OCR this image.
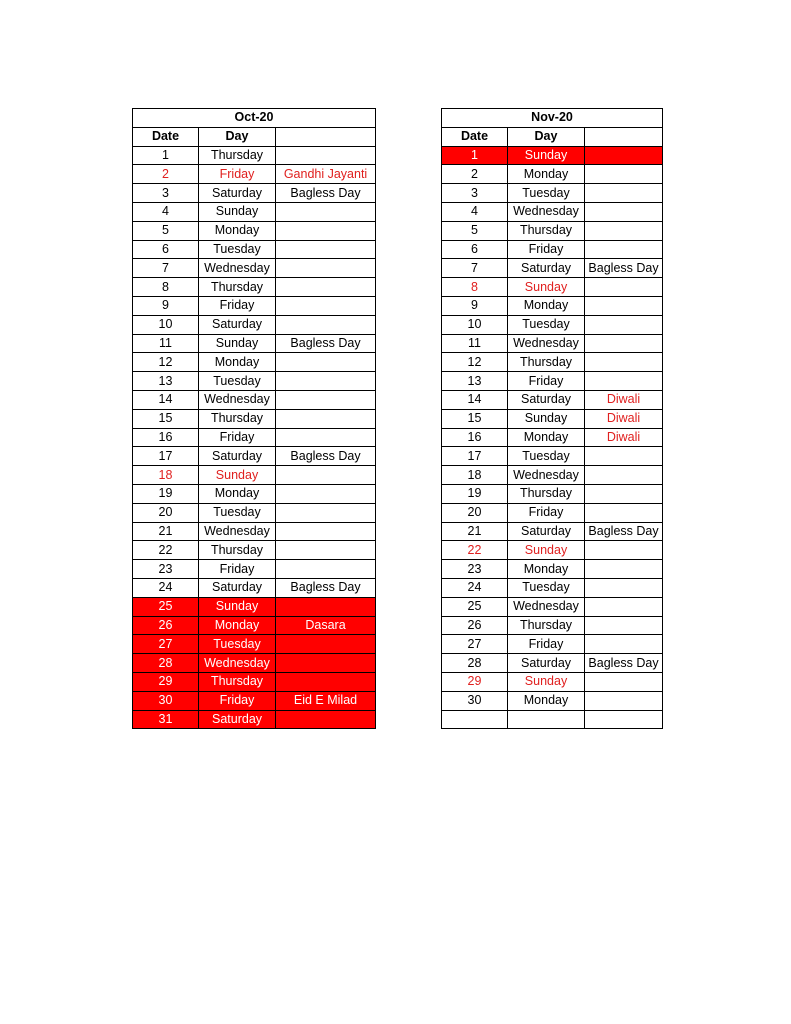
Oct-20		
Date	Day	
1	Thursday	
2	Friday	Gandhi Jayanti
3	Saturday	Bagless Day
4	Sunday	
5	Monday	
6	Tuesday	
7	Wednesday	
8	Thursday	
9	Friday	
10	Saturday	
11	Sunday	Bagless Day
12	Monday	
13	Tuesday	
14	Wednesday	
15	Thursday	
16	Friday	
17	Saturday	Bagless Day
18	Sunday	
19	Monday	
20	Tuesday	
21	Wednesday	
22	Thursday	
23	Friday	
24	Saturday	Bagless Day
25	Sunday	
26	Monday	Dasara
27	Tuesday	
28	Wednesday	
29	Thursday	
30	Friday	Eid E Milad
31	Saturday	
Nov-20		
Date	Day	
1	Sunday	
2	Monday	
3	Tuesday	
4	Wednesday	
5	Thursday	
6	Friday	
7	Saturday	Bagless Day
8	Sunday	
9	Monday	
10	Tuesday	
11	Wednesday	
12	Thursday	
13	Friday	
14	Saturday	Diwali
15	Sunday	Diwali
16	Monday	Diwali
17	Tuesday	
18	Wednesday	
19	Thursday	
20	Friday	
21	Saturday	Bagless Day
22	Sunday	
23	Monday	
24	Tuesday	
25	Wednesday	
26	Thursday	
27	Friday	
28	Saturday	Bagless Day
29	Sunday	
30	Monday	
